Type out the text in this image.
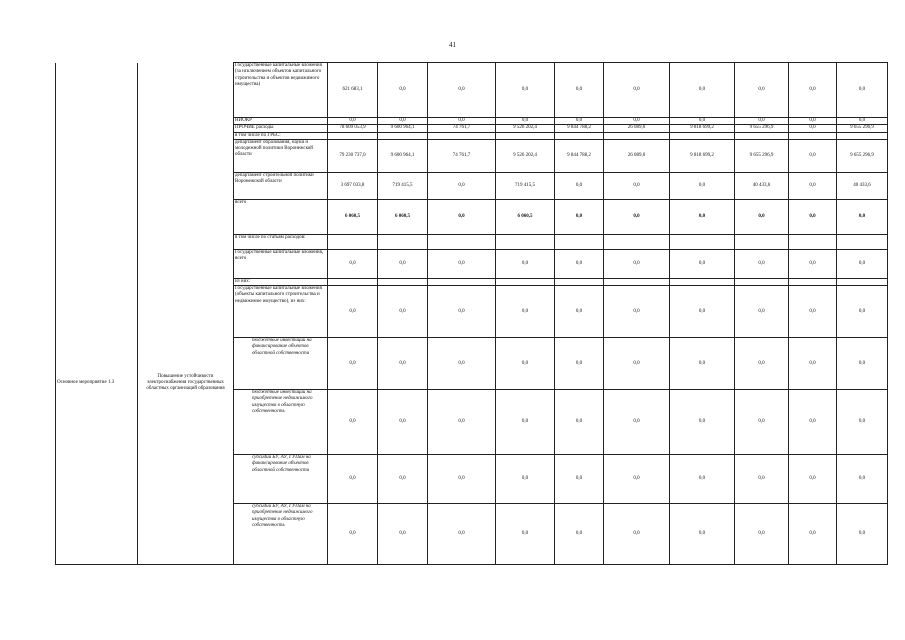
41
Основное мероприятие 1.3	Повышение устойчивости электроснабжения государственных областных организаций образования	Государственные капитальные вложения (за исключением объектов капитального строительства и объектов недвижимого имущества)	621 683,1	0,0	0,0	0,0	0,0	0,0	0,0	0,0	0,0	0,0
		НИОКР	0,0	0,0	0,0	0,0	0,0	0,0	0,0	0,0	0,0	0,0
		ПРОЧИЕ расходы	78 609 053,9	9 600 964,1	74 761,7	9 526 202,4	9 844 788,2	26 089,0	9 818 699,2	9 655 296,9	0,0	9 655 296,9
		в том числе по ГРБС:										
		департамент образования, науки и молодежной политики Воронежской области	79 230 737,0	9 600 964,1	74 761,7	9 526 202,4	9 844 788,2	26 089,0	9 818 699,2	9 655 296,9	0,0	9 655 296,9
		департамент строительной политики Воронежской области	3 697 033,8	719 415,5	0,0	719 415,5	0,0	0,0	0,0	40 433,6	0,0	40 433,6
		всего	6 060,5	6 060,5	0,0	6 060,5	0,0	0,0	0,0	0,0	0,0	0,0
		в том числе по статьям расходов:										
		Государственные капитальные вложения, всего	0,0	0,0	0,0	0,0	0,0	0,0	0,0	0,0	0,0	0,0
		из них:										
		Государственные капитальные вложения (объекты капитального строительства и недвижимое имущество), из них:	0,0	0,0	0,0	0,0	0,0	0,0	0,0	0,0	0,0	0,0
		бюджетные инвестиции на финансирование объектов областной собственности	0,0	0,0	0,0	0,0	0,0	0,0	0,0	0,0	0,0	0,0
		бюджетные инвестиции на приобретение недвижимого имущества в областную собственность	0,0	0,0	0,0	0,0	0,0	0,0	0,0	0,0	0,0	0,0
		субсидии БУ, АУ, ГУПам на финансирование объектов областной собственности	0,0	0,0	0,0	0,0	0,0	0,0	0,0	0,0	0,0	0,0
		субсидии БУ, АУ, ГУПам на приобретение недвижимого имущества в областную собственность	0,0	0,0	0,0	0,0	0,0	0,0	0,0	0,0	0,0	0,0
